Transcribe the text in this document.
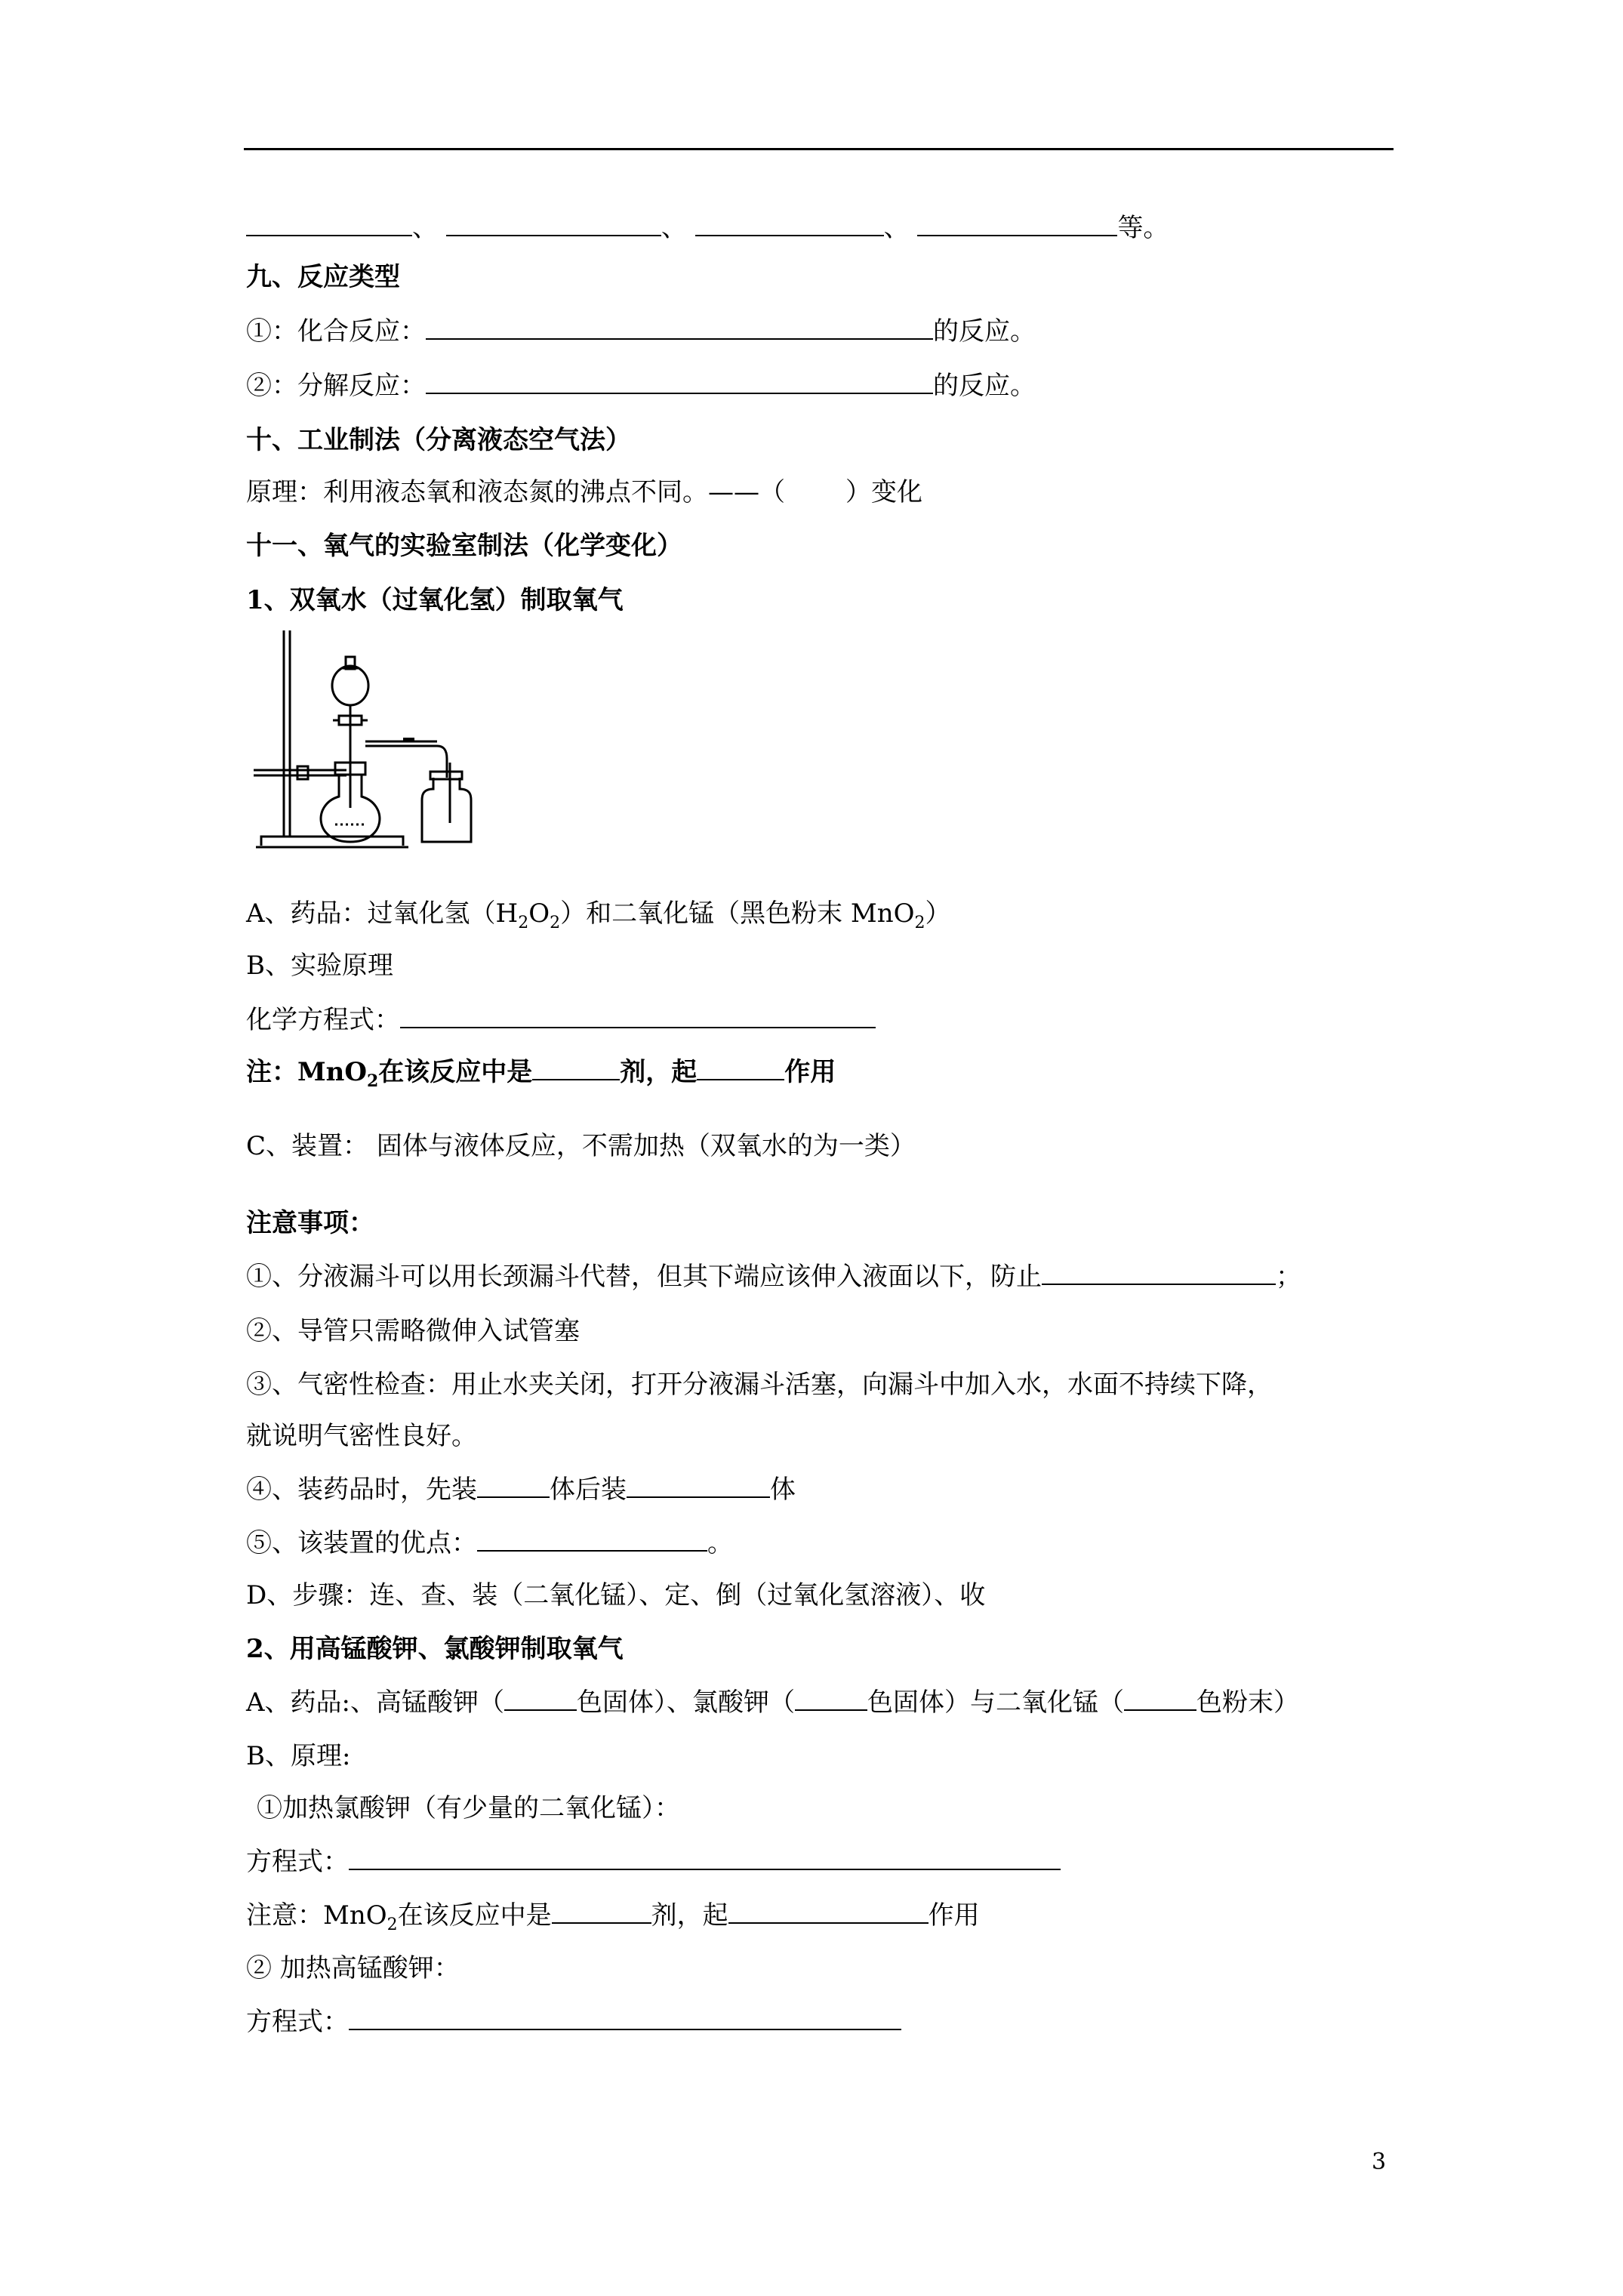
、	、	、	等。
九、反应类型
①：化合反应：	的反应。
②：分解反应：	的反应。
十、工业制法（分离液态空气法）
原理：利用液态氧和液态氮的沸点不同。——（ ）变化
十一、氧气的实验室制法（化学变化）
1、双氧水（过氧化氢）制取氧气
A、药品：过氧化氢$(H_2O_2)$和二氧化锰（黑色粉末 MnO$_2$）
B、实验原理
化学方程式：
注：MnO$_2$在该反应中是	剂，起	作用
C、装置： 固体与液体反应，不需加热（双氧水的为一类）
注意事项：
①、分液漏斗可以用长颈漏斗代替，但其下端应该伸入液面以下，防止	；
②、导管只需略微伸入试管塞
③、气密性检查：用止水夹关闭，打开分液漏斗活塞，向漏斗中加入水，水面不持续下降，
就说明气密性良好。
④、装药品时，先装	体后装	体
⑤、该装置的优点：	。
D、步骤：连、查、装（二氧化锰）、定、倒（过氧化氢溶液）、收
2、用高锰酸钾、氯酸钾制取氧气
A、药品:、高锰酸钾（	色固体）、氯酸钾（	色固体）与二氧化锰（	色粉末）
B、原理:
①加热氯酸钾（有少量的二氧化锰）：
方程式：
注意：MnO$_2$在该反应中是	剂，起	作用
② 加热高锰酸钾：
方程式：
3
